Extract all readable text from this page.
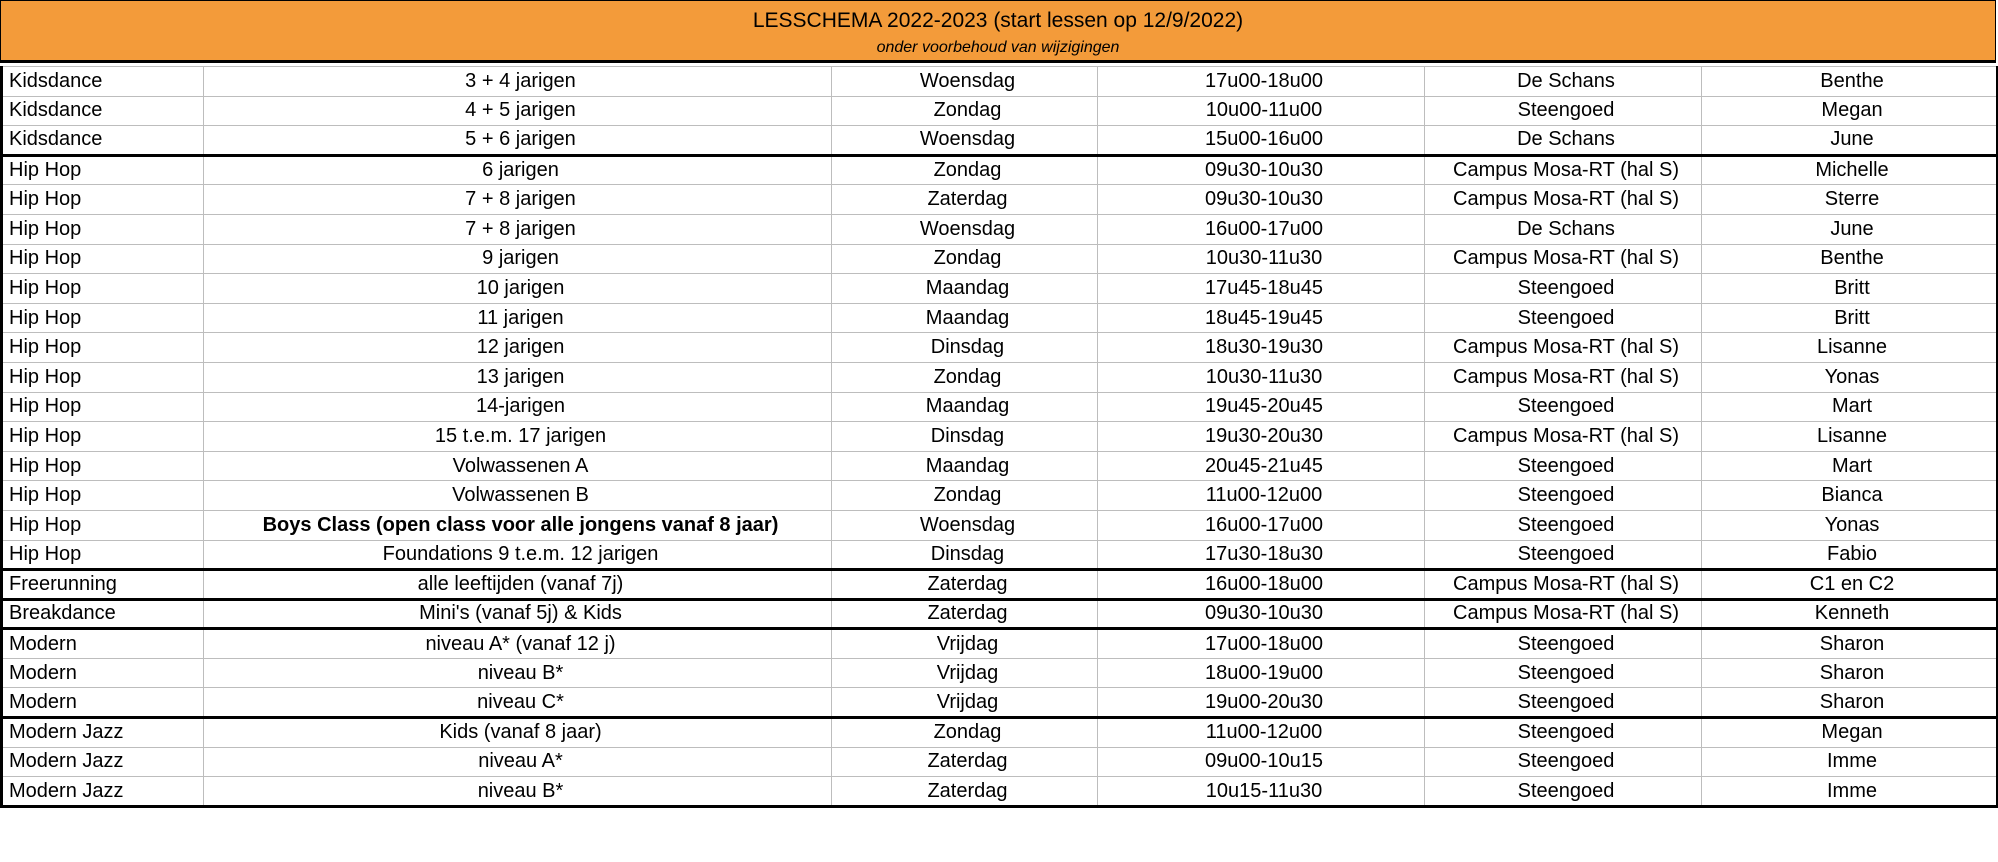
LESSCHEMA 2022-2023 (start lessen op 12/9/2022)
onder voorbehoud van wijzigingen
Kidsdance	3 + 4 jarigen	Woensdag	17u00-18u00	De Schans	Benthe
Kidsdance	4 + 5 jarigen	Zondag	10u00-11u00	Steengoed	Megan
Kidsdance	5 + 6 jarigen	Woensdag	15u00-16u00	De Schans	June
Hip Hop	6 jarigen	Zondag	09u30-10u30	Campus Mosa-RT (hal S)	Michelle
Hip Hop	7 + 8 jarigen	Zaterdag	09u30-10u30	Campus Mosa-RT (hal S)	Sterre
Hip Hop	7 + 8 jarigen	Woensdag	16u00-17u00	De Schans	June
Hip Hop	9 jarigen	Zondag	10u30-11u30	Campus Mosa-RT (hal S)	Benthe
Hip Hop	10 jarigen	Maandag	17u45-18u45	Steengoed	Britt
Hip Hop	11 jarigen	Maandag	18u45-19u45	Steengoed	Britt
Hip Hop	12 jarigen	Dinsdag	18u30-19u30	Campus Mosa-RT (hal S)	Lisanne
Hip Hop	13 jarigen	Zondag	10u30-11u30	Campus Mosa-RT (hal S)	Yonas
Hip Hop	14-jarigen	Maandag	19u45-20u45	Steengoed	Mart
Hip Hop	15 t.e.m. 17 jarigen	Dinsdag	19u30-20u30	Campus Mosa-RT (hal S)	Lisanne
Hip Hop	Volwassenen A	Maandag	20u45-21u45	Steengoed	Mart
Hip Hop	Volwassenen B	Zondag	11u00-12u00	Steengoed	Bianca
Hip Hop	Boys Class (open class voor alle jongens vanaf 8 jaar)	Woensdag	16u00-17u00	Steengoed	Yonas
Hip Hop	Foundations 9 t.e.m. 12 jarigen	Dinsdag	17u30-18u30	Steengoed	Fabio
Freerunning	alle leeftijden (vanaf 7j)	Zaterdag	16u00-18u00	Campus Mosa-RT (hal S)	C1 en C2
Breakdance	Mini's (vanaf 5j) & Kids	Zaterdag	09u30-10u30	Campus Mosa-RT (hal S)	Kenneth
Modern	niveau A* (vanaf 12 j)	Vrijdag	17u00-18u00	Steengoed	Sharon
Modern	niveau B*	Vrijdag	18u00-19u00	Steengoed	Sharon
Modern	niveau C*	Vrijdag	19u00-20u30	Steengoed	Sharon
Modern Jazz	Kids (vanaf 8 jaar)	Zondag	11u00-12u00	Steengoed	Megan
Modern Jazz	niveau A*	Zaterdag	09u00-10u15	Steengoed	Imme
Modern Jazz	niveau B*	Zaterdag	10u15-11u30	Steengoed	Imme
